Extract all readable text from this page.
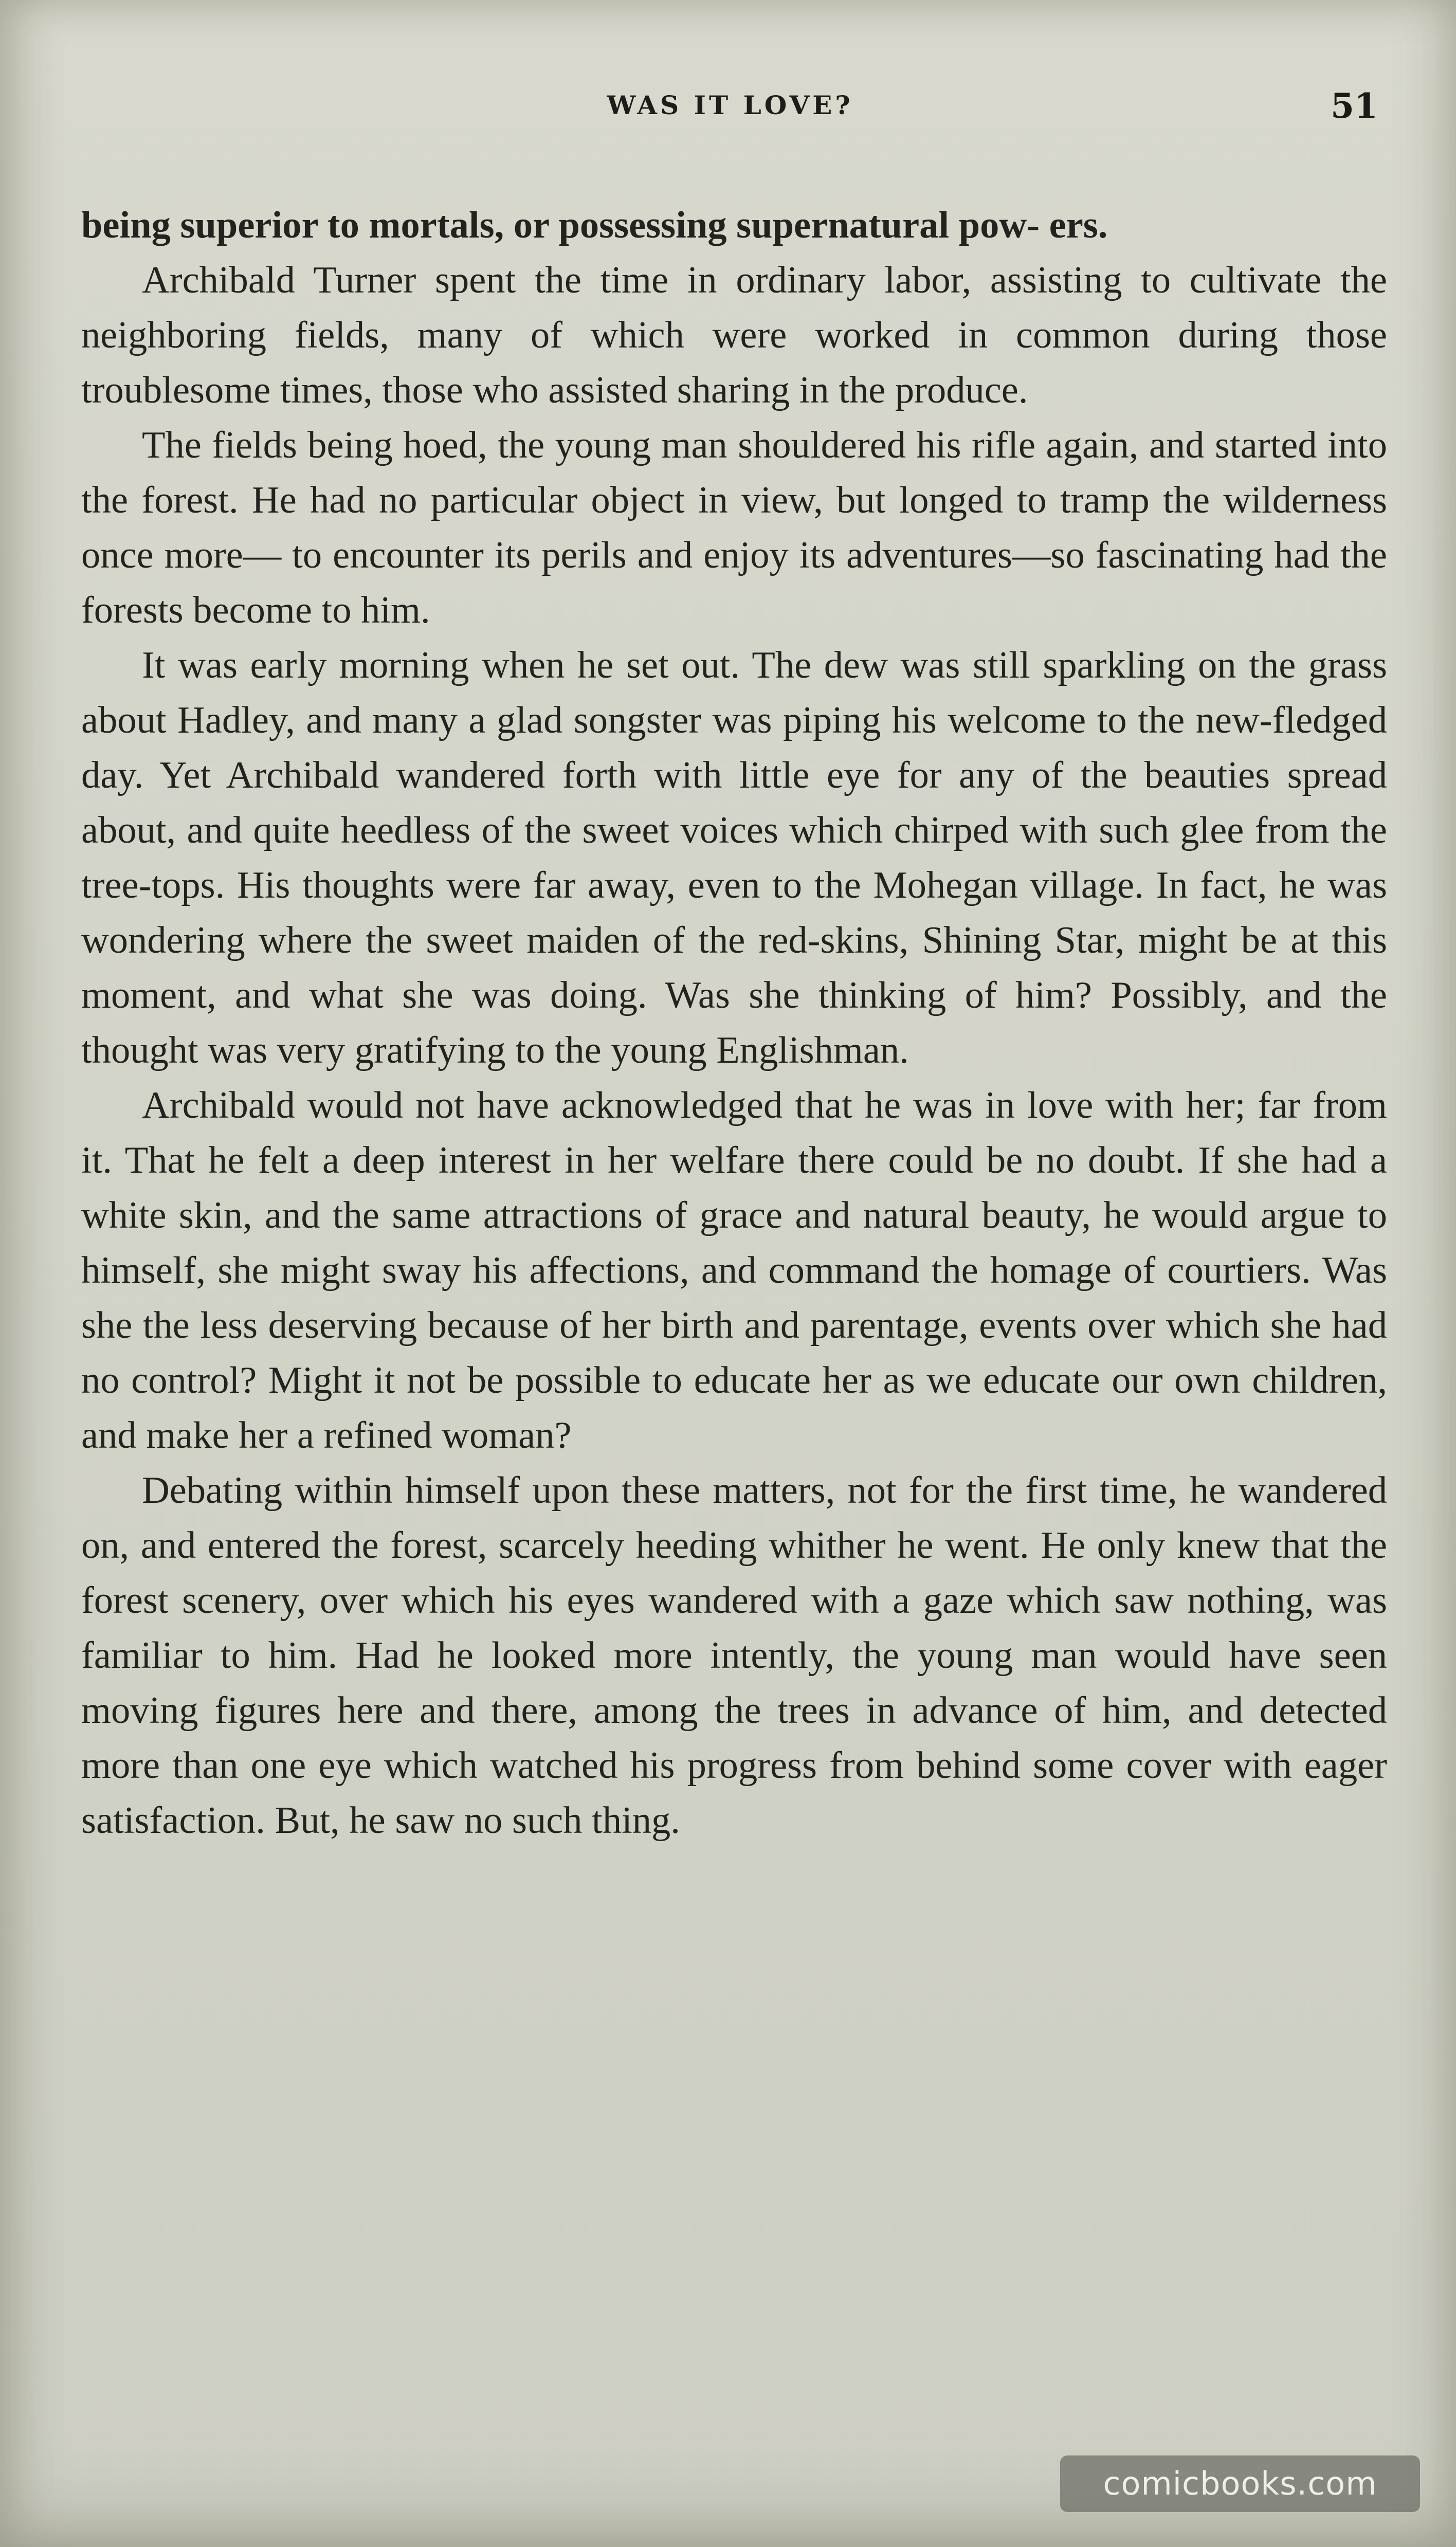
WAS IT LOVE?	51

being superior to mortals, or possessing supernatural pow- ers.

Archibald Turner spent the time in ordinary labor, assisting to cultivate the neighboring fields, many of which were worked in common during those troublesome times, those who assisted sharing in the produce.

The fields being hoed, the young man shouldered his rifle again, and started into the forest. He had no particular object in view, but longed to tramp the wilderness once more— to encounter its perils and enjoy its adventures—so fascinating had the forests become to him.

It was early morning when he set out. The dew was still sparkling on the grass about Hadley, and many a glad songster was piping his welcome to the new-fledged day. Yet Archibald wandered forth with little eye for any of the beauties spread about, and quite heedless of the sweet voices which chirped with such glee from the tree-tops. His thoughts were far away, even to the Mohegan village. In fact, he was wondering where the sweet maiden of the red-skins, Shining Star, might be at this moment, and what she was doing. Was she thinking of him? Possibly, and the thought was very gratifying to the young Englishman.

Archibald would not have acknowledged that he was in love with her; far from it. That he felt a deep interest in her welfare there could be no doubt. If she had a white skin, and the same attractions of grace and natural beauty, he would argue to himself, she might sway his affections, and command the homage of courtiers. Was she the less deserving because of her birth and parentage, events over which she had no control? Might it not be possible to educate her as we educate our own children, and make her a refined woman?

Debating within himself upon these matters, not for the first time, he wandered on, and entered the forest, scarcely heeding whither he went. He only knew that the forest scenery, over which his eyes wandered with a gaze which saw nothing, was familiar to him. Had he looked more intently, the young man would have seen moving figures here and there, among the trees in advance of him, and detected more than one eye which watched his progress from behind some cover with eager satisfaction. But, he saw no such thing.

comicbooks.com
